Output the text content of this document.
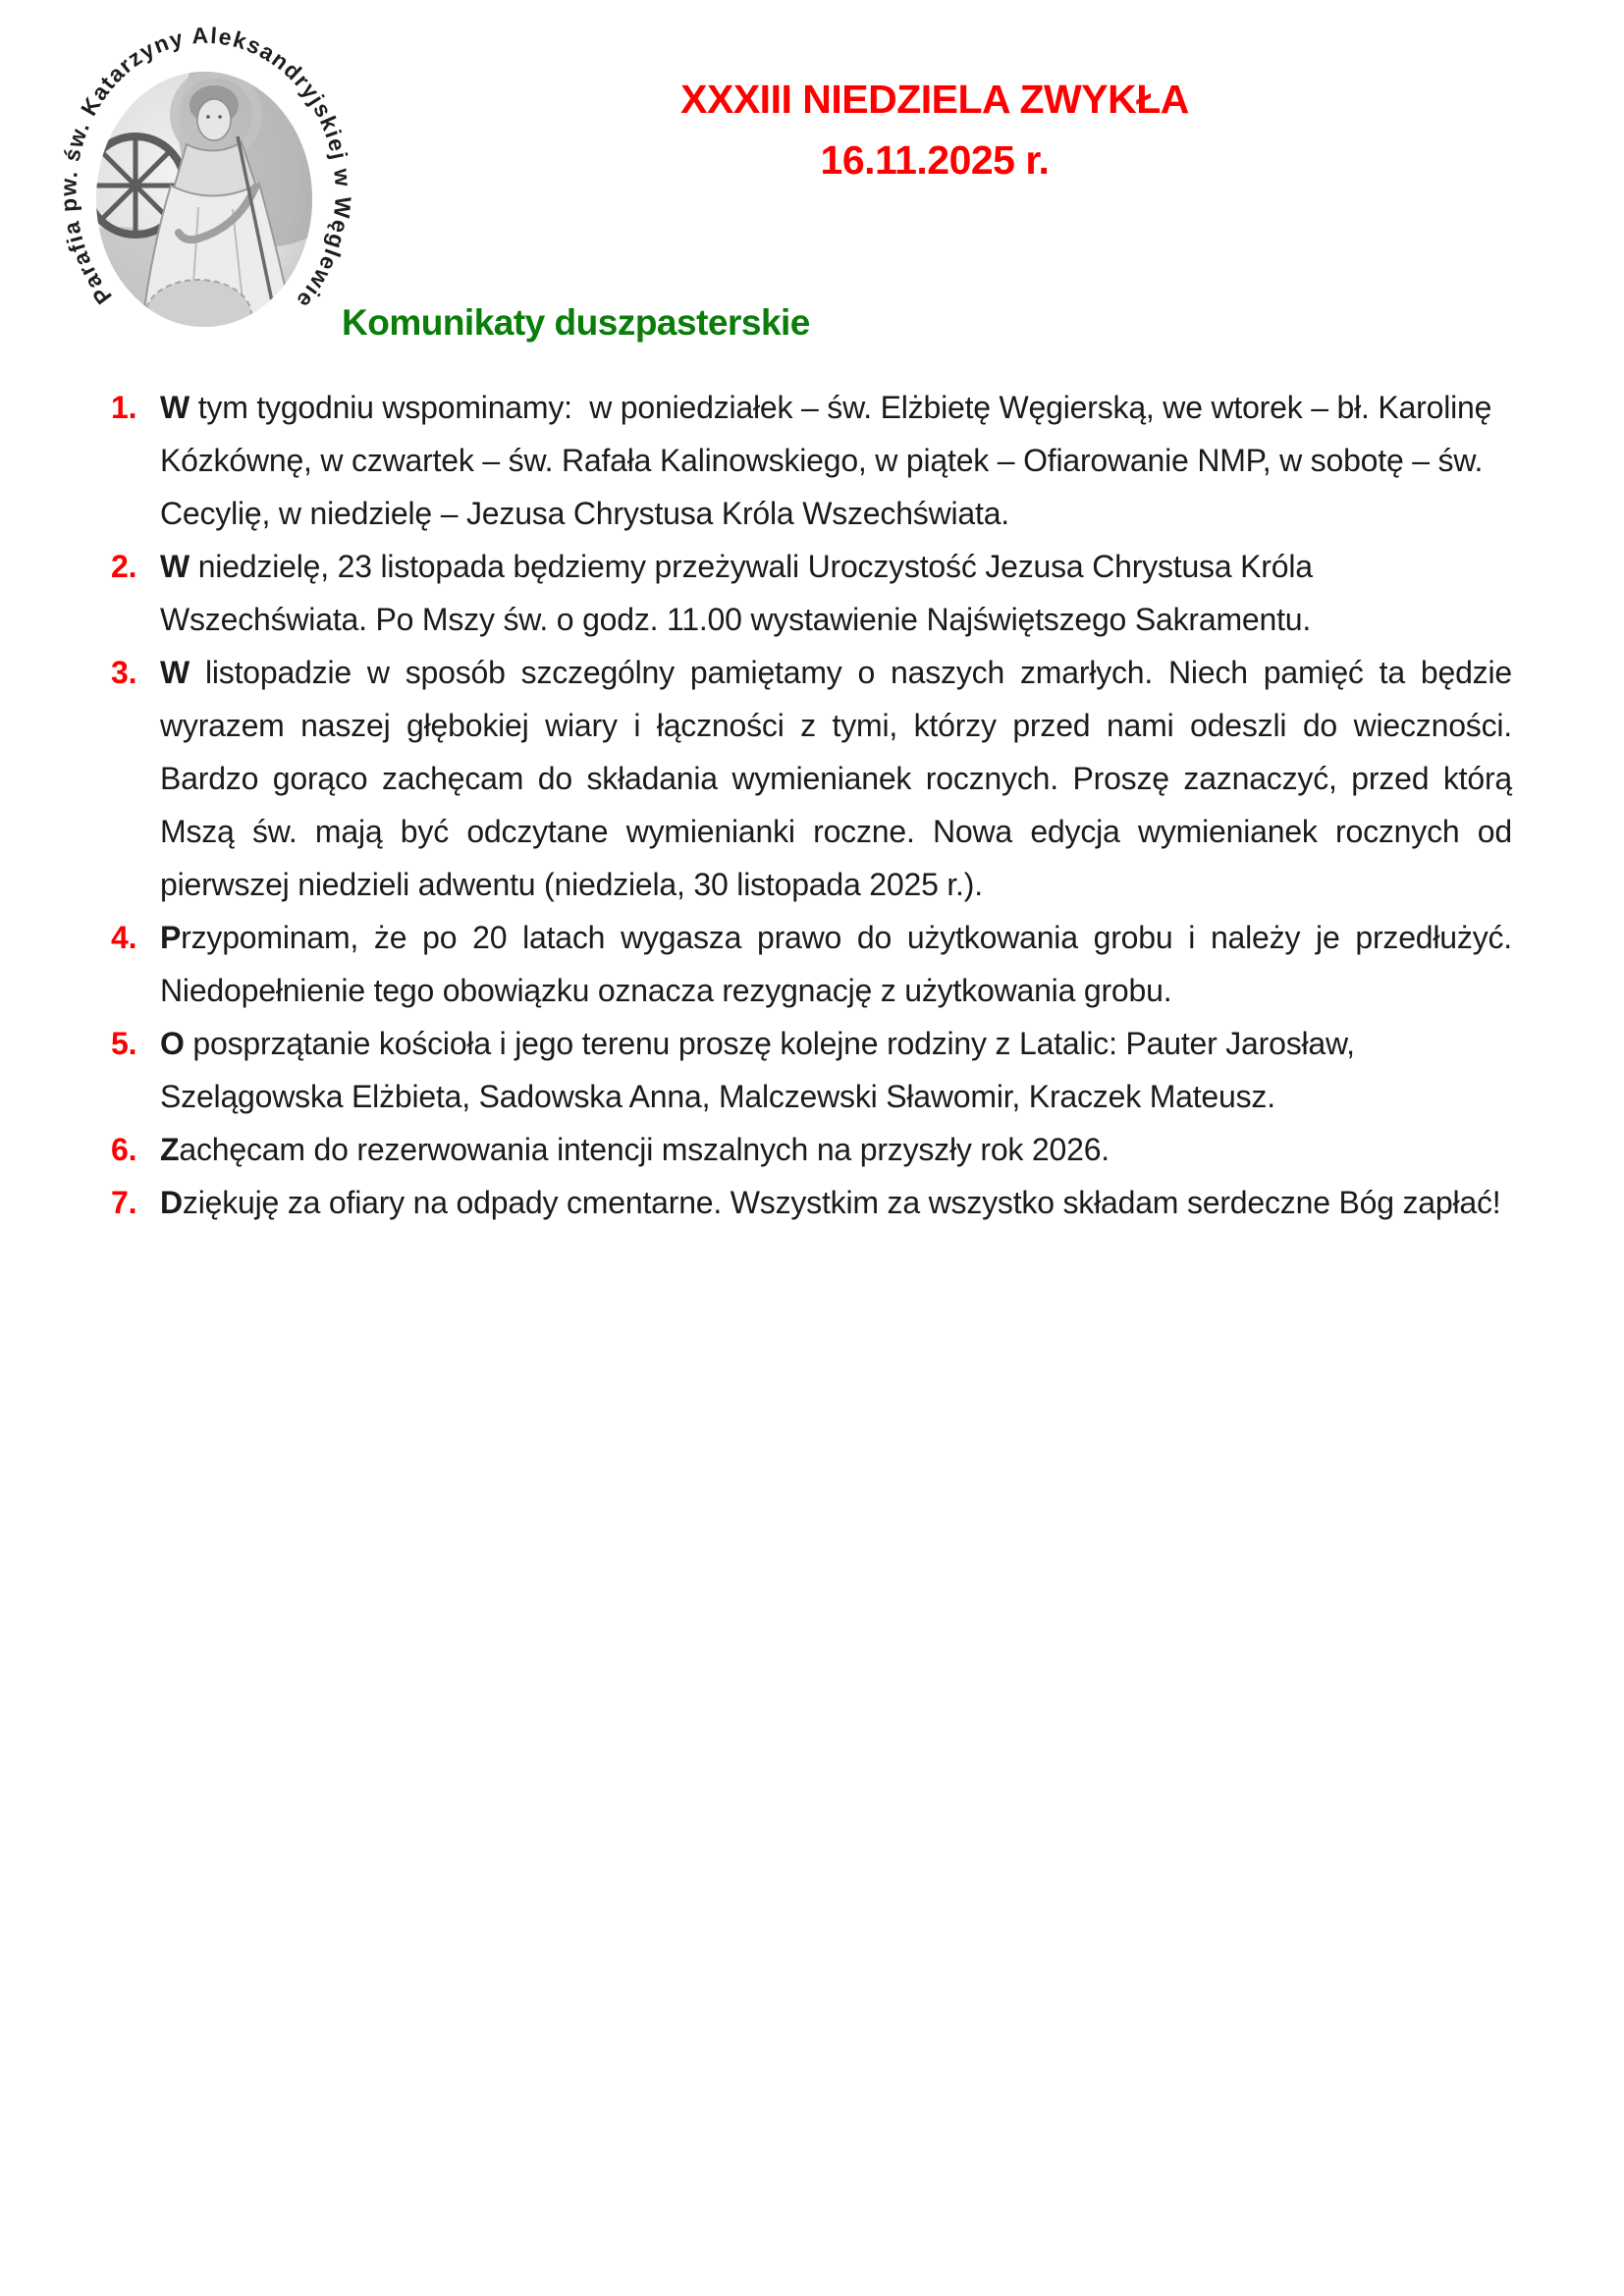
Parafia pw. św. Katarzyny Aleksandryjskiej w Węglewie
XXXIII NIEDZIELA ZWYKŁA
16.11.2025 r.
Komunikaty duszpasterskie
1. W tym tygodniu wspominamy:  w poniedziałek – św. Elżbietę Węgierską, we wtorek – bł. Karolinę Kózkównę, w czwartek – św. Rafała Kalinowskiego, w piątek – Ofiarowanie NMP, w sobotę – św. Cecylię, w niedzielę – Jezusa Chrystusa Króla Wszechświata.
2. W niedzielę, 23 listopada będziemy przeżywali Uroczystość Jezusa Chrystusa Króla Wszechświata. Po Mszy św. o godz. 11.00 wystawienie Najświętszego Sakramentu.
3. W listopadzie w sposób szczególny pamiętamy o naszych zmarłych. Niech pamięć ta będzie wyrazem naszej głębokiej wiary i łączności z tymi, którzy przed nami odeszli do wieczności. Bardzo gorąco zachęcam do składania wymienianek rocznych. Proszę zaznaczyć, przed którą Mszą św. mają być odczytane wymienianki roczne. Nowa edycja wymienianek rocznych od pierwszej niedzieli adwentu (niedziela, 30 listopada 2025 r.).
4. Przypominam, że po 20 latach wygasza prawo do użytkowania grobu i należy je przedłużyć. Niedopełnienie tego obowiązku oznacza rezygnację z użytkowania grobu.
5. O posprzątanie kościoła i jego terenu proszę kolejne rodziny z Latalic: Pauter Jarosław, Szelągowska Elżbieta, Sadowska Anna, Malczewski Sławomir, Kraczek Mateusz.
6. Zachęcam do rezerwowania intencji mszalnych na przyszły rok 2026.
7. Dziękuję za ofiary na odpady cmentarne. Wszystkim za wszystko składam serdeczne Bóg zapłać!
